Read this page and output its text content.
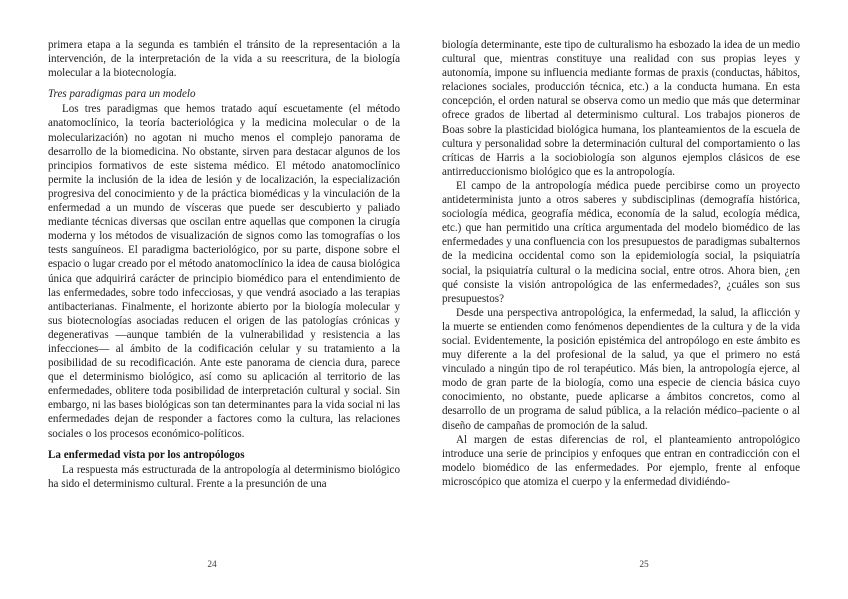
primera etapa a la segunda es también el tránsito de la representación a la intervención, de la interpretación de la vida a su reescritura, de la biología molecular a la biotecnología.

Tres paradigmas para un modelo

Los tres paradigmas que hemos tratado aquí escuetamente (el método anatomoclínico, la teoría bacteriológica y la medicina molecular o de la molecularización) no agotan ni mucho menos el complejo panorama de desarrollo de la biomedicina. No obstante, sirven para destacar algunos de los principios formativos de este sistema médico. El método anatomoclínico permite la inclusión de la idea de lesión y de localización, la especialización progresiva del conocimiento y de la práctica biomédicas y la vinculación de la enfermedad a un mundo de vísceras que puede ser descubierto y paliado mediante técnicas diversas que oscilan entre aquellas que componen la cirugía moderna y los métodos de visualización de signos como las tomografías o los tests sanguíneos. El paradigma bacteriológico, por su parte, dispone sobre el espacio o lugar creado por el método anatomoclínico la idea de causa biológica única que adquirirá carácter de principio biomédico para el entendimiento de las enfermedades, sobre todo infecciosas, y que vendrá asociado a las terapias antibacterianas. Finalmente, el horizonte abierto por la biología molecular y sus biotecnologías asociadas reducen el origen de las patologías crónicas y degenerativas —aunque también de la vulnerabilidad y resistencia a las infecciones— al ámbito de la codificación celular y su tratamiento a la posibilidad de su recodificación. Ante este panorama de ciencia dura, parece que el determinismo biológico, así como su aplicación al territorio de las enfermedades, oblitere toda posibilidad de interpretación cultural y social. Sin embargo, ni las bases biológicas son tan determinantes para la vida social ni las enfermedades dejan de responder a factores como la cultura, las relaciones sociales o los procesos económico-políticos.

La enfermedad vista por los antropólogos

La respuesta más estructurada de la antropología al determinismo biológico ha sido el determinismo cultural. Frente a la presunción de una

24

biología determinante, este tipo de culturalismo ha esbozado la idea de un medio cultural que, mientras constituye una realidad con sus propias leyes y autonomía, impone su influencia mediante formas de praxis (conductas, hábitos, relaciones sociales, producción técnica, etc.) a la conducta humana. En esta concepción, el orden natural se observa como un medio que más que determinar ofrece grados de libertad al determinismo cultural. Los trabajos pioneros de Boas sobre la plasticidad biológica humana, los planteamientos de la escuela de cultura y personalidad sobre la determinación cultural del comportamiento o las críticas de Harris a la sociobiología son algunos ejemplos clásicos de ese antirreduccionismo biológico que es la antropología.

El campo de la antropología médica puede percibirse como un proyecto antideterminista junto a otros saberes y subdisciplinas (demografía histórica, sociología médica, geografía médica, economía de la salud, ecología médica, etc.) que han permitido una crítica argumentada del modelo biomédico de las enfermedades y una confluencia con los presupuestos de paradigmas subalternos de la medicina occidental como son la epidemiología social, la psiquiatría social, la psiquiatría cultural o la medicina social, entre otros. Ahora bien, ¿en qué consiste la visión antropológica de las enfermedades?, ¿cuáles son sus presupuestos?

Desde una perspectiva antropológica, la enfermedad, la salud, la aflicción y la muerte se entienden como fenómenos dependientes de la cultura y de la vida social. Evidentemente, la posición epistémica del antropólogo en este ámbito es muy diferente a la del profesional de la salud, ya que el primero no está vinculado a ningún tipo de rol terapéutico. Más bien, la antropología ejerce, al modo de gran parte de la biología, como una especie de ciencia básica cuyo conocimiento, no obstante, puede aplicarse a ámbitos concretos, como al desarrollo de un programa de salud pública, a la relación médico–paciente o al diseño de campañas de promoción de la salud.

Al margen de estas diferencias de rol, el planteamiento antropológico introduce una serie de principios y enfoques que entran en contradicción con el modelo biomédico de las enfermedades. Por ejemplo, frente al enfoque microscópico que atomiza el cuerpo y la enfermedad dividiéndo-

25
